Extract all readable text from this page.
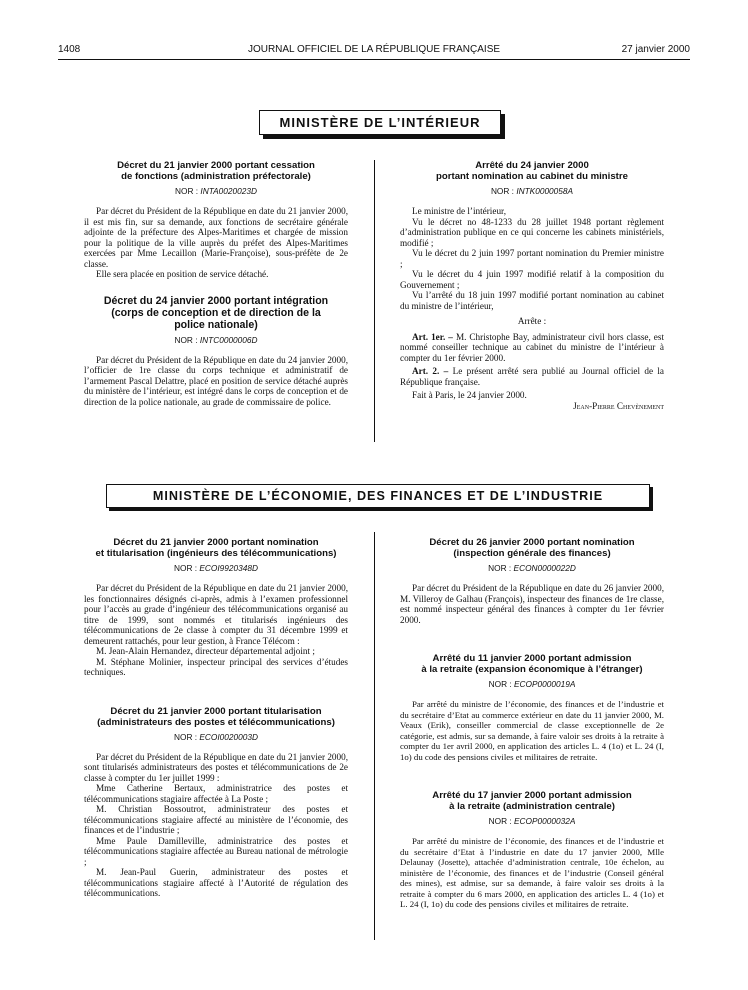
1408	JOURNAL OFFICIEL DE LA RÉPUBLIQUE FRANÇAISE	27 janvier 2000
MINISTÈRE DE L’INTÉRIEUR

Décret du 21 janvier 2000 portant cessation
de fonctions (administration préfectorale)

NOR : INTA0020023D

Par décret du Président de la République en date du 21 janvier 2000, il est mis fin, sur sa demande, aux fonctions de secrétaire générale adjointe de la préfecture des Alpes-Maritimes et chargée de mission pour la politique de la ville auprès du préfet des Alpes-Maritimes exercées par Mme Lecaillon (Marie-Françoise), sous-préfète de 2e classe.

Elle sera placée en position de service détaché.

Décret du 24 janvier 2000 portant intégration
(corps de conception et de direction de la
police nationale)

NOR : INTC0000006D

Par décret du Président de la République en date du 24 janvier 2000, l’officier de 1re classe du corps technique et administratif de l’armement Pascal Delattre, placé en position de service détaché auprès du ministère de l’intérieur, est intégré dans le corps de conception et de direction de la police nationale, au grade de commissaire de police.

Arrêté du 24 janvier 2000
portant nomination au cabinet du ministre

NOR : INTK0000058A

Le ministre de l’intérieur,

Vu le décret no 48-1233 du 28 juillet 1948 portant règlement d’administration publique en ce qui concerne les cabinets ministériels, modifié ;

Vu le décret du 2 juin 1997 portant nomination du Premier ministre ;

Vu le décret du 4 juin 1997 modifié relatif à la composition du Gouvernement ;

Vu l’arrêté du 18 juin 1997 modifié portant nomination au cabinet du ministre de l’intérieur,

Arrête :

Art. 1er. – M. Christophe Bay, administrateur civil hors classe, est nommé conseiller technique au cabinet du ministre de l’intérieur à compter du 1er février 2000.

Art. 2. – Le présent arrêté sera publié au Journal officiel de la République française.

Fait à Paris, le 24 janvier 2000.

Jean-Pierre Chevènement

MINISTÈRE DE L’ÉCONOMIE, DES FINANCES ET DE L’INDUSTRIE

Décret du 21 janvier 2000 portant nomination
et titularisation (ingénieurs des télécommunications)

NOR : ECOI9920348D

Par décret du Président de la République en date du 21 janvier 2000, les fonctionnaires désignés ci-après, admis à l’examen professionnel pour l’accès au grade d’ingénieur des télécommunications organisé au titre de 1999, sont nommés et titularisés ingénieurs des télécommunications de 2e classe à compter du 31 décembre 1999 et demeurent rattachés, pour leur gestion, à France Télécom :

M. Jean-Alain Hernandez, directeur départemental adjoint ;

M. Stéphane Molinier, inspecteur principal des services d’études techniques.

Décret du 21 janvier 2000 portant titularisation
(administrateurs des postes et télécommunications)

NOR : ECOI0020003D

Par décret du Président de la République en date du 21 janvier 2000, sont titularisés administrateurs des postes et télécommunications de 2e classe à compter du 1er juillet 1999 :

Mme Catherine Bertaux, administratrice des postes et télécommunications stagiaire affectée à La Poste ;

M. Christian Bossoutrot, administrateur des postes et télécommunications stagiaire affecté au ministère de l’économie, des finances et de l’industrie ;

Mme Paule Damilleville, administratrice des postes et télécommunications stagiaire affectée au Bureau national de métrologie ;

M. Jean-Paul Guerin, administrateur des postes et télécommunications stagiaire affecté à l’Autorité de régulation des télécommunications.

Décret du 26 janvier 2000 portant nomination
(inspection générale des finances)

NOR : ECON0000022D

Par décret du Président de la République en date du 26 janvier 2000, M. Villeroy de Galhau (François), inspecteur des finances de 1re classe, est nommé inspecteur général des finances à compter du 1er février 2000.

Arrêté du 11 janvier 2000 portant admission
à la retraite (expansion économique à l’étranger)

NOR : ECOP0000019A

Par arrêté du ministre de l’économie, des finances et de l’industrie et du secrétaire d’Etat au commerce extérieur en date du 11 janvier 2000, M. Veaux (Erik), conseiller commercial de classe exceptionnelle de 2e catégorie, est admis, sur sa demande, à faire valoir ses droits à la retraite à compter du 1er avril 2000, en application des articles L. 4 (1o) et L. 24 (I, 1o) du code des pensions civiles et militaires de retraite.

Arrêté du 17 janvier 2000 portant admission
à la retraite (administration centrale)

NOR : ECOP0000032A

Par arrêté du ministre de l’économie, des finances et de l’industrie et du secrétaire d’Etat à l’industrie en date du 17 janvier 2000, Mlle Delaunay (Josette), attachée d’administration centrale, 10e échelon, au ministère de l’économie, des finances et de l’industrie (Conseil général des mines), est admise, sur sa demande, à faire valoir ses droits à la retraite à compter du 6 mars 2000, en application des articles L. 4 (1o) et L. 24 (I, 1o) du code des pensions civiles et militaires de retraite.
